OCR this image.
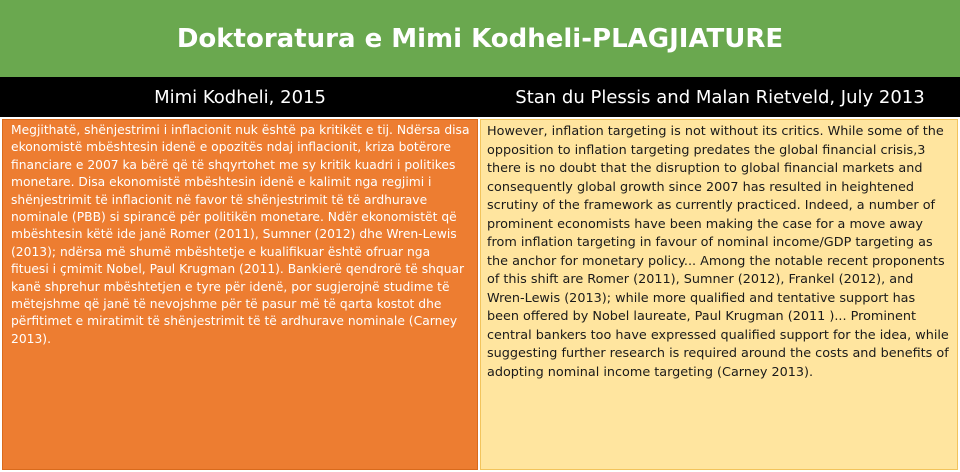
Doktoratura e Mimi Kodheli-PLAGJIATURE
Mimi Kodheli, 2015	Stan du Plessis and Malan Rietveld, July 2013

Megjithatë, shënjestrimi i inflacionit nuk është pa kritikët e tij. Ndërsa disa ekonomistë mbështesin idenë e opozitës ndaj inflacionit, kriza botërore financiare e 2007 ka bërë që të shqyrtohet me sy kritik kuadri i politikes monetare. Disa ekonomistë mbështesin idenë e kalimit nga regjimi i shënjestrimit të inflacionit në favor të shënjestrimit të të ardhurave nominale (PBB) si spirancë për politikën monetare. Ndër ekonomistët që mbështesin këtë ide janë Romer (2011), Sumner (2012) dhe Wren-Lewis (2013); ndërsa më shumë mbështetje e kualifikuar është ofruar nga fituesi i çmimit Nobel, Paul Krugman (2011). Bankierë qendrorë të shquar kanë shprehur mbështetjen e tyre për idenë, por sugjerojnë studime të mëtejshme që janë të nevojshme për të pasur më të qarta kostot dhe përfitimet e miratimit të shënjestrimit të të ardhurave nominale (Carney 2013).

However, inflation targeting is not without its critics. While some of the opposition to inflation targeting predates the global financial crisis,3 there is no doubt that the disruption to global financial markets and consequently global growth since 2007 has resulted in heightened scrutiny of the framework as currently practiced. Indeed, a number of prominent economists have been making the case for a move away from inflation targeting in favour of nominal income/GDP targeting as the anchor for monetary policy... Among the notable recent proponents of this shift are Romer (2011), Sumner (2012), Frankel (2012), and Wren-Lewis (2013); while more qualified and tentative support has been offered by Nobel laureate, Paul Krugman (2011 )... Prominent central bankers too have expressed qualified support for the idea, while suggesting further research is required around the costs and benefits of adopting nominal income targeting (Carney 2013).
